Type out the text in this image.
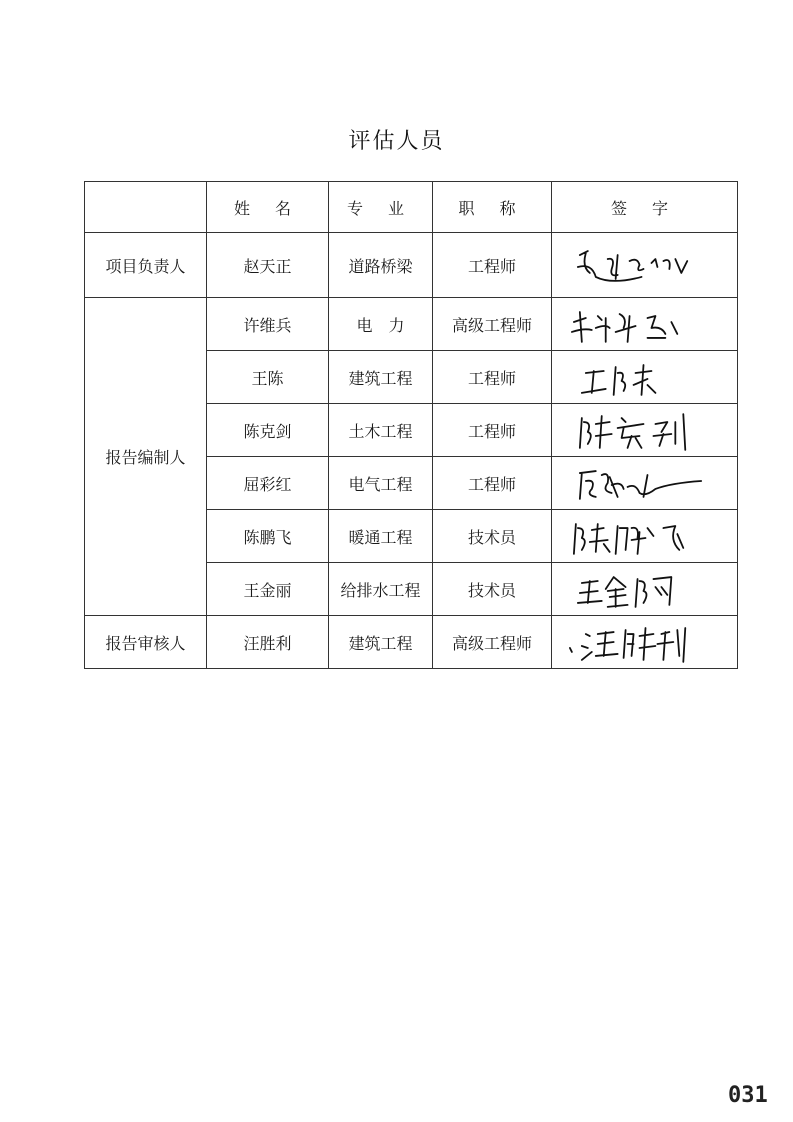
评估人员
	姓 名	专 业	职 称	签 字
项目负责人	赵天正	道路桥梁	工程师	

报告编制人	许维兵	电　力	高级工程师	

	王陈	建筑工程	工程师	

	陈克剑	土木工程	工程师	

	屈彩红	电气工程	工程师	

	陈鹏飞	暖通工程	技术员	

	王金丽	给排水工程	技术员	

报告审核人	汪胜利	建筑工程	高级工程师	
031
